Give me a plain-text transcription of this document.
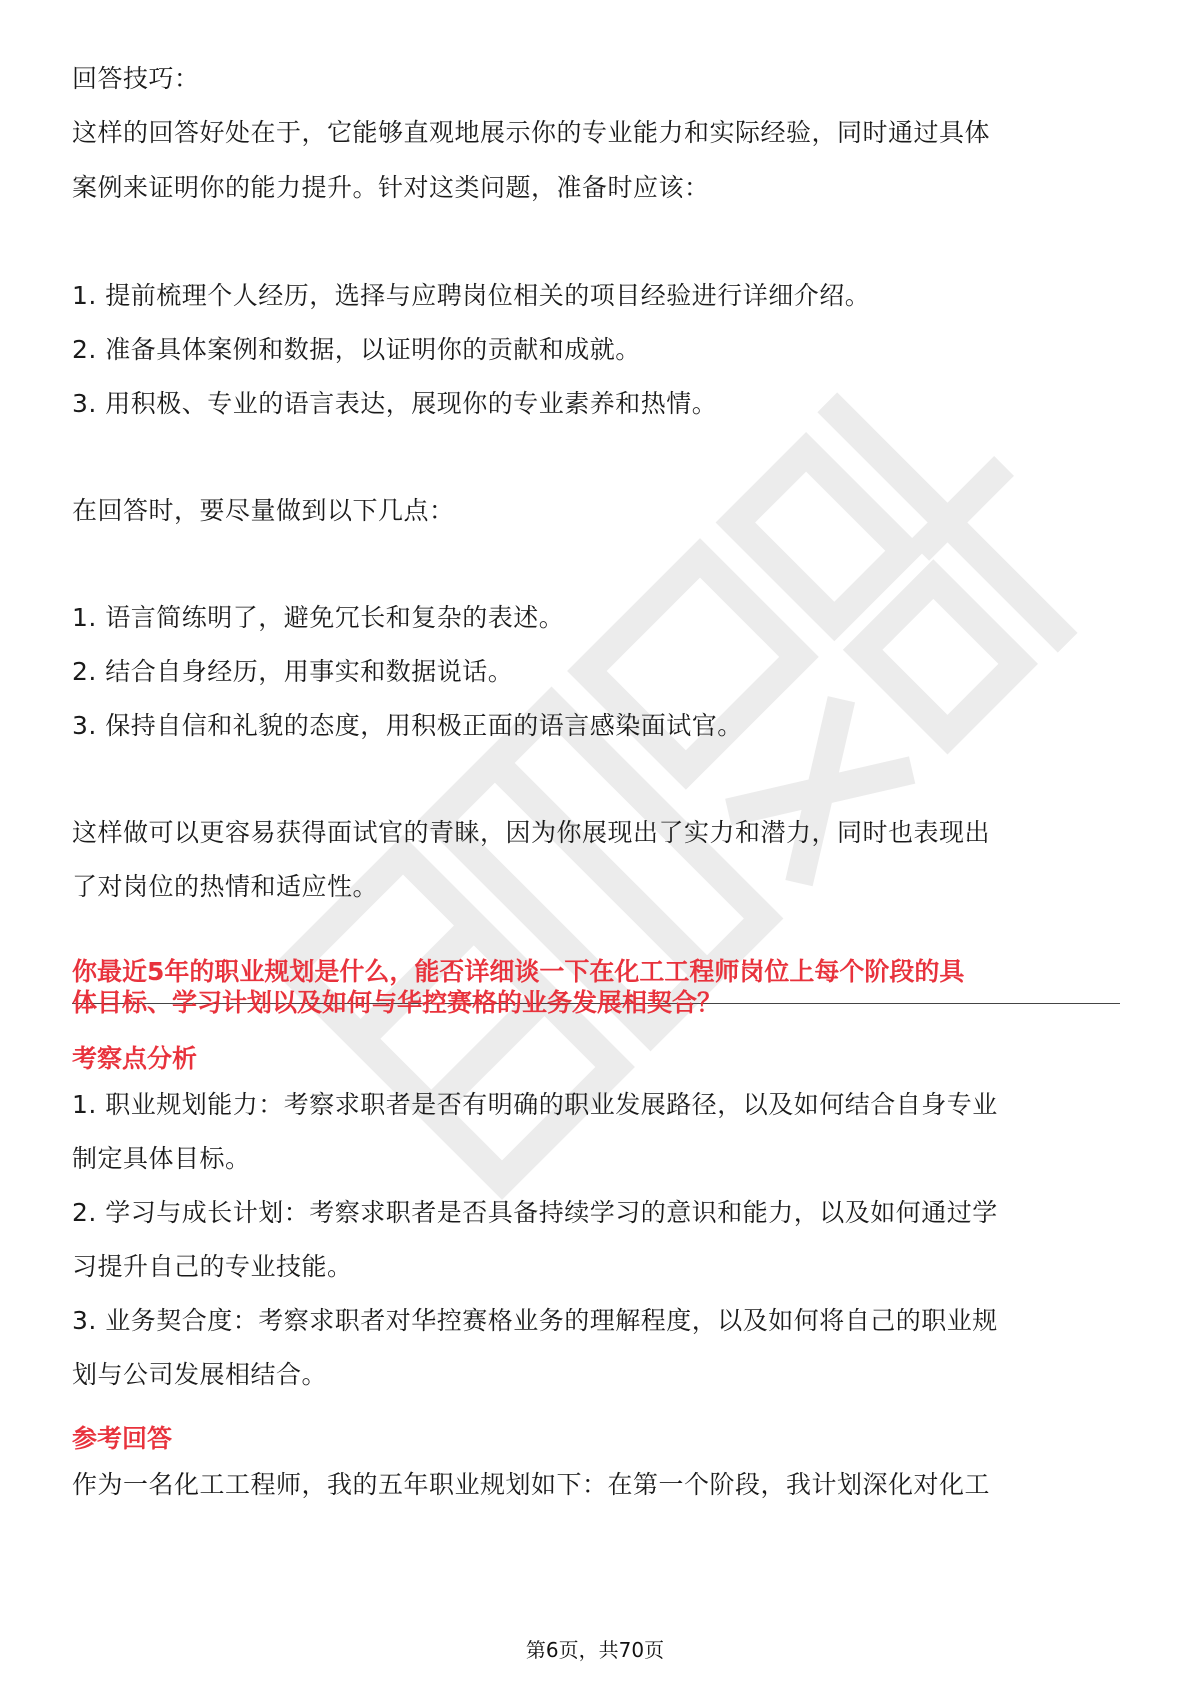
回答技巧：
这样的回答好处在于，它能够直观地展示你的专业能力和实际经验，同时通过具体
案例来证明你的能力提升。针对这类问题，准备时应该：
1. 提前梳理个人经历，选择与应聘岗位相关的项目经验进行详细介绍。
2. 准备具体案例和数据，以证明你的贡献和成就。
3. 用积极、专业的语言表达，展现你的专业素养和热情。
在回答时，要尽量做到以下几点：
1. 语言简练明了，避免冗长和复杂的表述。
2. 结合自身经历，用事实和数据说话。
3. 保持自信和礼貌的态度，用积极正面的语言感染面试官。
这样做可以更容易获得面试官的青睐，因为你展现出了实力和潜力，同时也表现出
了对岗位的热情和适应性。
你最近5年的职业规划是什么，能否详细谈一下在化工工程师岗位上每个阶段的具
体目标、学习计划以及如何与华控赛格的业务发展相契合？
考察点分析
1. 职业规划能力：考察求职者是否有明确的职业发展路径，以及如何结合自身专业
制定具体目标。
2. 学习与成长计划：考察求职者是否具备持续学习的意识和能力，以及如何通过学
习提升自己的专业技能。
3. 业务契合度：考察求职者对华控赛格业务的理解程度，以及如何将自己的职业规
划与公司发展相结合。
参考回答
作为一名化工工程师，我的五年职业规划如下：在第一个阶段，我计划深化对化工
第6页，共70页
